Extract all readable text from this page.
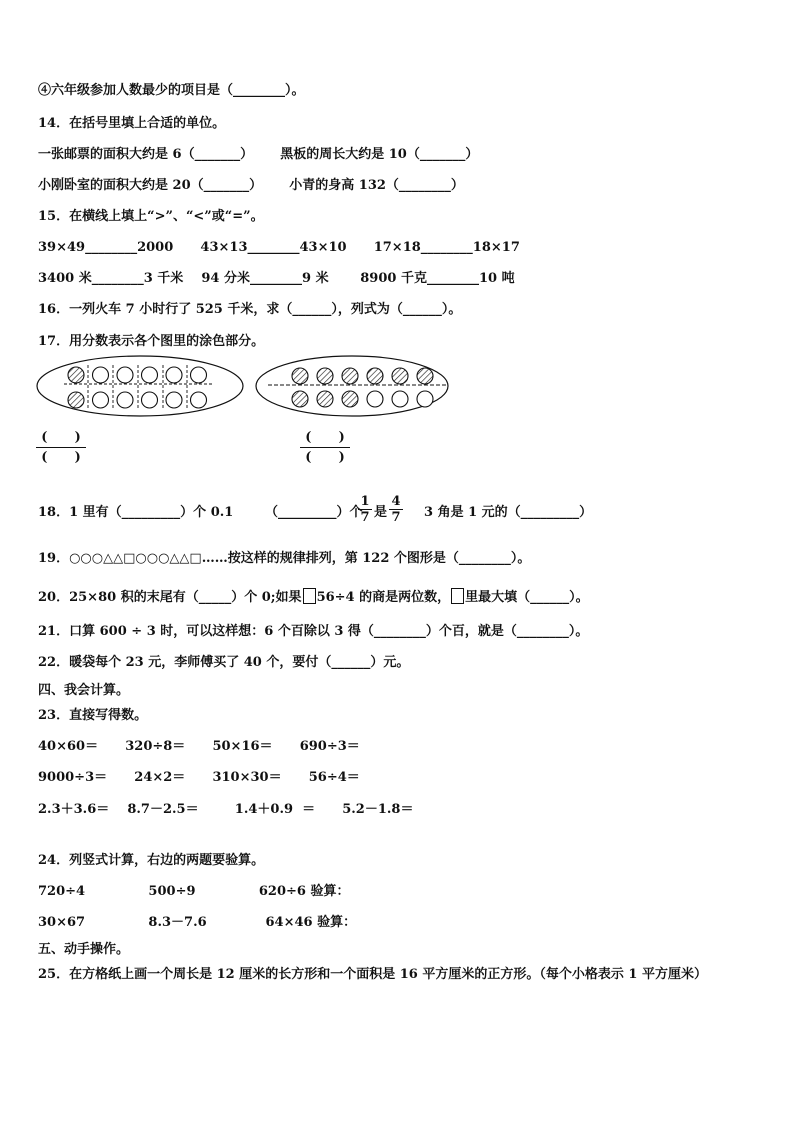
④六年级参加人数最少的项目是（________）。
14．在括号里填上合适的单位。
一张邮票的面积大约是 6（_______）      黑板的周长大约是 10（_______）
小刚卧室的面积大约是 20（_______）      小青的身高 132（________）
15．在横线上填上“>”、“<”或“=”。
39×49________2000      43×13________43×10      17×18________18×17
3400 米________3 千米    94 分米________9 米       8900 千克________10 吨
16．一列火车 7 小时行了 525 千米，求（______），列式为（______）。
17．用分数表示各个图里的涂色部分。
(      )
(      )
(      )
(      )
18．1 里有（_________）个 0.1       （_________）个
$\frac{1}{7}$ 是 $\frac{4}{7} 3$ 角是 1 元的（_________）
19．○○○△△□○○○△△□……按这样的规律排列，第 122 个图形是（________）。
20．25×80 积的末尾有（_____）个 0;如果 56÷4 的商是两位数， 里最大填（______）。
21．口算 600 ÷ 3 时，可以这样想：6 个百除以 3 得（________）个百，就是（________）。
22．暖袋每个 23 元，李师傅买了 40 个，要付（______）元。
四、我会计算。
23．直接写得数。
40×60＝      320÷8＝      50×16＝      690÷3＝
9000÷3＝      24×2＝      310×30＝      56÷4＝
2.3＋3.6＝    8.7－2.5＝        1.4＋0.9  ＝      5.2－1.8＝
24．列竖式计算，右边的两题要验算。
720÷4              500÷9              620÷6 验算：
30×67              8.3－7.6             64×46 验算：
五、动手操作。
25．在方格纸上画一个周长是 12 厘米的长方形和一个面积是 16 平方厘米的正方形。（每个小格表示 1 平方厘米）
